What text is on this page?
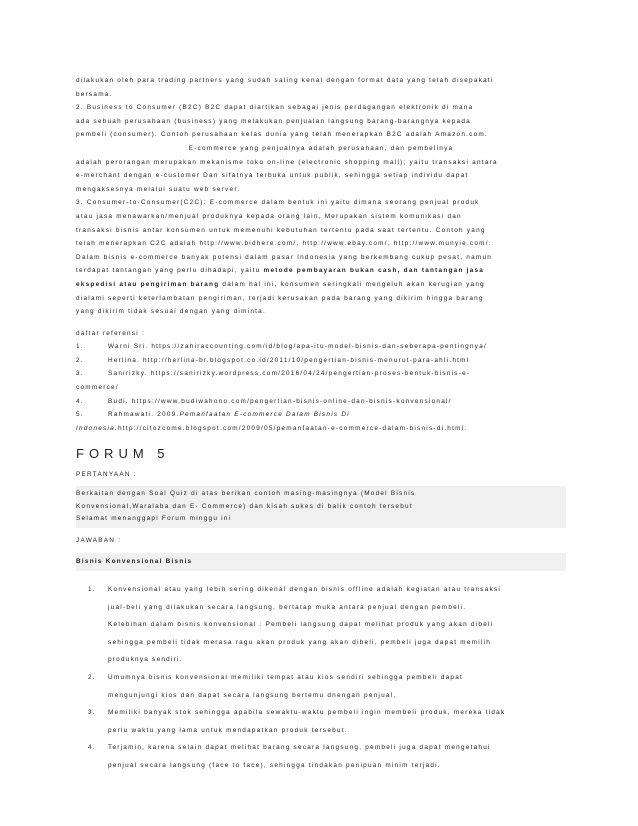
dilakukan oleh para trading partners yang sudah saling kenal dengan format data yang telah disepakati
bersama.
2. Business to Consumer (B2C) B2C dapat diartikan sebagai jenis perdagangan elektronik di mana
ada sebuah perusahaan (business) yang melakukan penjualan langsung barang-barangnya kepada
pembeli (consumer). Contoh perusahaan kelas dunia yang telah menerapkan B2C adalah Amazon.com.
E-commerce yang penjualnya adalah perusahaan, dan pembelinya
adalah perorangan merupakan mekanisme toko on-line (electronic shopping mall); yaitu transaksi antara
e-merchant dengan e-customer Dan sifatnya terbuka untuk publik, sehingga setiap individu dapat
mengaksesnya melalui suatu web server.
3. Consumer-to-Consumer(C2C): E-commerce dalam bentuk ini yaitu dimana seorang penjual produk
atau jasa menawarkan/menjual produknya kepada orang lain, Merupakan sistem komunikasi dan
transaksi bisnis antar konsumen untuk memenuhi kebutuhan tertentu pada saat tertentu. Contoh yang
telah menerapkan C2C adalah http://www.bidhere.com/, http://www.ebay.com/, http://www.munyie.com/.
Dalam bisnis e-commerce banyak potensi dalam pasar Indonesia yang berkembang cukup pesat, namun
terdapat tantangan yang perlu dihadapi, yaitu metode pembayaran bukan cash, dan tantangan jasa
ekspedisi atau pengiriman barang dalam hal ini, konsumen seringkali mengeluh akan kerugian yang
dialami seperti keterlambatan pengiriman, terjadi kerusakan pada barang yang dikirim hingga barang
yang dikirim tidak sesuai dengan yang diminta.
daftar referensi :
1.	Warni Sri. https://zahiraccounting.com/id/blog/apa-itu-model-bisnis-dan-seberapa-pentingnya/
2.	Herlina. http://herlina-br.blogspot.co.id/2011/10/pengertian-bisnis-menurut-para-ahli.html
3.	Sanirizky. https://sanirizky.wordpress.com/2016/04/24/pengertian-proses-bentuk-bisnis-e-
commerce/
4.	Budi. https://www.budiwahono.com/pengertian-bisnis-online-dan-bisnis-konvensional/
5.	Rahmawati. 2009. Pemanfaatan E-commerce Dalam Bisnis Di
Indonesia.http://citozcome.blogspot.com/2009/05/pemanfaatan-e-commerce-dalam-bisnis-di.html.
FORUM 5
PERTANYAAN :
Berkaitan dengan Soal Quiz di atas berikan contoh masing-masingnya (Model Bisnis
Konvensional,Waralaba dan E- Commerce) dan kisah sukes di balik contoh tersebut
Selamat menanggapi Forum minggu ini
JAWABAN :
Bisnis Konvensional Bisnis
1.	Konvensional atau yang lebih sering dikenal dengan bisnis offline adalah kegiatan atau transaksi
jual-beli yang dilakukan secara langsung, bertatap muka antara penjual dengan pembeli.
Kelebihan dalam bisnis konvensional : Pembeli langsung dapat melihat produk yang akan dibeli
sehingga pembeli tidak merasa ragu akan produk yang akan dibeli, pembeli juga dapat memilih
produknya sendiri.
2.	Umumnya bisnis konvensional memiliki tempat atau kios sendiri sehingga pembeli dapat
mengunjungi kios dan dapat secara langsung bertemu dnengan penjual.
3.	Memiliki banyak stok sehingga apabila sewaktu-waktu pembeli ingin membeli produk, mereka tidak
perlu waktu yang lama untuk mendapatkan produk tersebut.
4.	Terjamin, karena selain dapat melihat barang secara langsung, pembeli juga dapat mengetahui
penjual secara langsung (face to face), sehingga tindakan penipuan minim terjadi.
